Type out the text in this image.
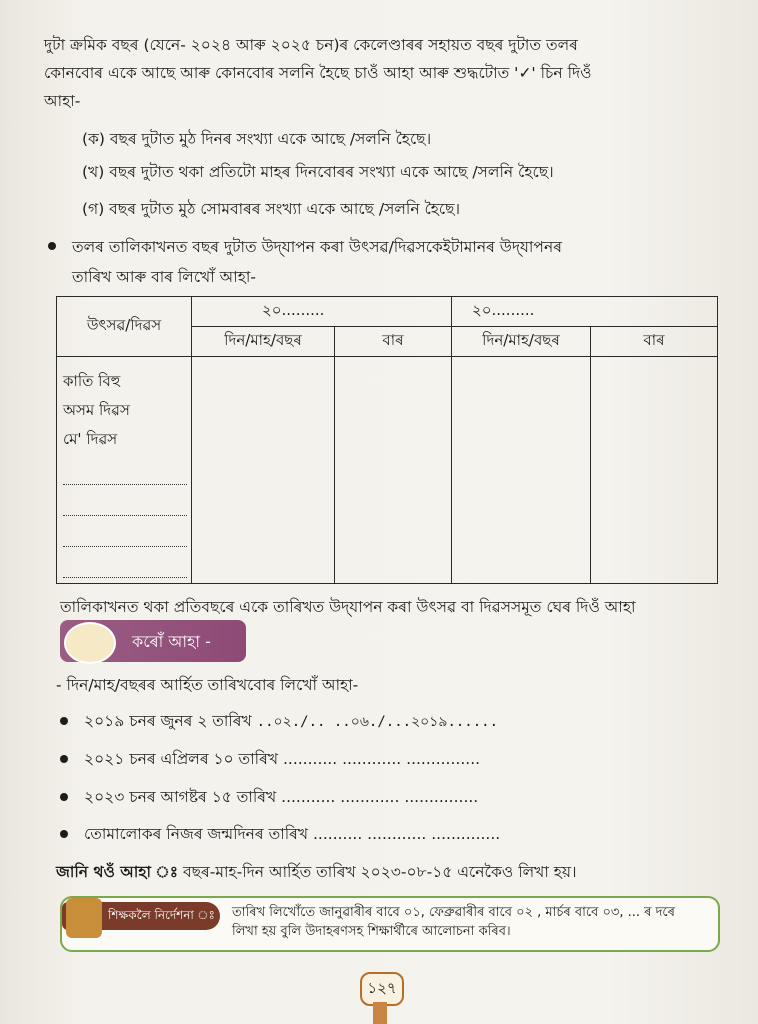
দুটা ক্ৰমিক বছৰ (যেনে- ২০২৪ আৰু ২০২৫ চন)ৰ কেলেণ্ডাৰৰ সহায়ত বছৰ দুটাত তলৰ
কোনবোৰ একে আছে আৰু কোনবোৰ সলনি হৈছে চাওঁ আহা আৰু শুদ্ধটোত '✓' চিন দিওঁ
আহা-
(ক) বছৰ দুটাত মুঠ দিনৰ সংখ্যা একে আছে /সলনি হৈছে।
(খ) বছৰ দুটাত থকা প্ৰতিটো মাহৰ দিনবোৰৰ সংখ্যা একে আছে /সলনি হৈছে।
(গ) বছৰ দুটাত মুঠ সোমবাৰৰ সংখ্যা একে আছে /সলনি হৈছে।
তলৰ তালিকাখনত বছৰ দুটাত উদ্‌যাপন কৰা উৎসৱ/দিৱসকেইটামানৰ উদ্‌যাপনৰ
তাৰিখ আৰু বাৰ লিখোঁ আহা-
উৎসৱ/দিৱস	২০.........		২০.........	
	দিন/মাহ/বছৰ	বাৰ	দিন/মাহ/বছৰ	বাৰ

কাতি বিহু
অসম দিৱস
মে' দিৱস				

তালিকাখনত থকা প্ৰতিবছৰে একে তাৰিখত উদ্‌যাপন কৰা উৎসৱ বা দিৱসসমূত ঘেৰ দিওঁ আহা
কৰোঁ আহা -
- দিন/মাহ/বছৰৰ আৰ্হিত তাৰিখবোৰ লিখোঁ আহা-
২০১৯ চনৰ জুনৰ ২ তাৰিখ ..০২./.. ..০৬./...২০১৯......
২০২১ চনৰ এপ্ৰিলৰ ১০ তাৰিখ ........... ............ ...............
২০২৩ চনৰ আগষ্টৰ ১৫ তাৰিখ ........... ............ ...............
তোমালোকৰ নিজৰ জন্মদিনৰ তাৰিখ .......... ............ ..............
জানি থওঁ আহা ঃ বছৰ-মাহ-দিন আৰ্হিত তাৰিখ ২০২৩-০৮-১৫ এনেকৈও লিখা হয়।
শিক্ষকলৈ নিৰ্দেশনা ঃ তাৰিখ লিখোঁতে জানুৱাৰীৰ বাবে ০১, ফেব্ৰুৱাৰীৰ বাবে ০২ , মাৰ্চৰ বাবে ০৩, ... ৰ দৰে
লিখা হয় বুলি উদাহৰণসহ শিক্ষাৰ্থীৰে আলোচনা কৰিব।
১২৭
